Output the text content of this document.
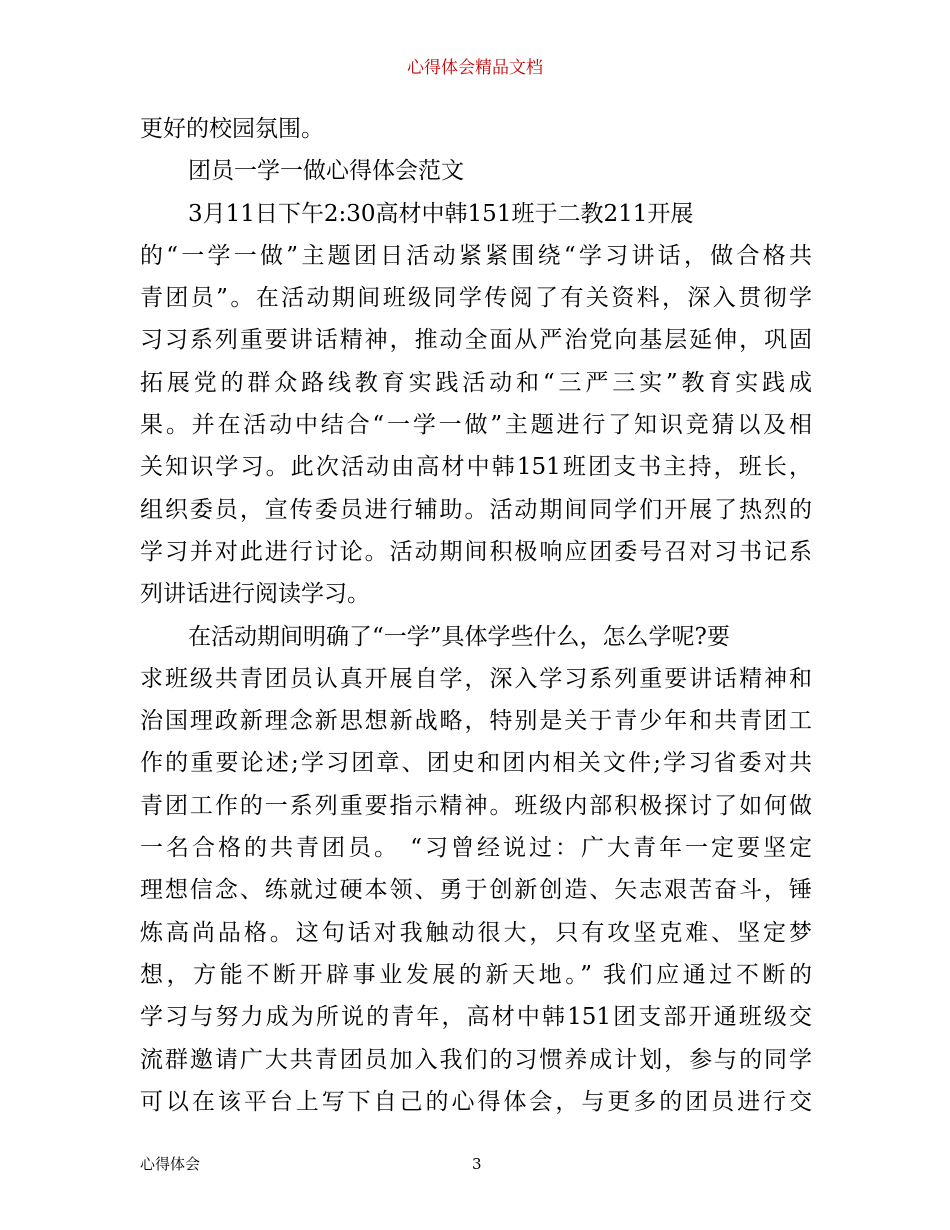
心得体会精品文档
更好的校园氛围。
团员一学一做心得体会范文
3月11日下午2:30高材中韩151班于二教211开展
的“一学一做”主题团日活动紧紧围绕“学习讲话，做合格共
青团员”。在活动期间班级同学传阅了有关资料，深入贯彻学
习习系列重要讲话精神，推动全面从严治党向基层延伸，巩固
拓展党的群众路线教育实践活动和“三严三实”教育实践成
果。并在活动中结合“一学一做”主题进行了知识竞猜以及相
关知识学习。此次活动由高材中韩151班团支书主持，班长，
组织委员，宣传委员进行辅助。活动期间同学们开展了热烈的
学习并对此进行讨论。活动期间积极响应团委号召对习书记系
列讲话进行阅读学习。
在活动期间明确了“一学”具体学些什么，怎么学呢?要
求班级共青团员认真开展自学，深入学习系列重要讲话精神和
治国理政新理念新思想新战略，特别是关于青少年和共青团工
作的重要论述;学习团章、团史和团内相关文件;学习省委对共
青团工作的一系列重要指示精神。班级内部积极探讨了如何做
一名合格的共青团员。 “习曾经说过：广大青年一定要坚定
理想信念、练就过硬本领、勇于创新创造、矢志艰苦奋斗，锤
炼高尚品格。这句话对我触动很大，只有攻坚克难、坚定梦
想，方能不断开辟事业发展的新天地。” 我们应通过不断的
学习与努力成为所说的青年，高材中韩151团支部开通班级交
流群邀请广大共青团员加入我们的习惯养成计划，参与的同学
可以在该平台上写下自己的心得体会，与更多的团员进行交
心得体会	3
